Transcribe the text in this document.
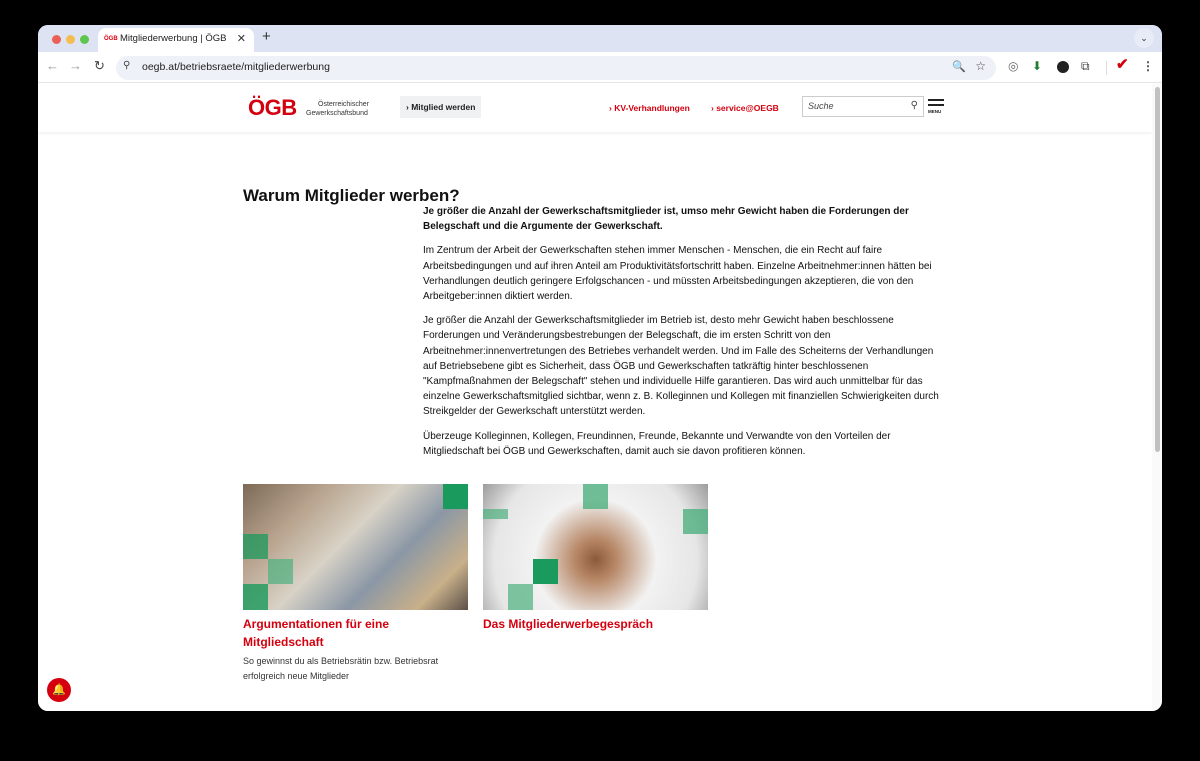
ÖGB Mitgliederwerbung | ÖGB ✕ +	⌄
← → ↻ ⚲ oegb.at/betriebsraete/mitgliederwerbung	🔍 ☆ ◎ ⬇	⧉ ✔ ⋮
ÖGB	Österreichischer
Gewerkschaftsbund
› Mitglied werden	› KV-Verhandlungen › service@OEGB	Suche	⚲
MENU
Warum Mitglieder werben?

Je größer die Anzahl der Gewerkschaftsmitglieder ist, umso mehr Gewicht haben die Forderungen der Belegschaft und die Argumente der Gewerkschaft.

Im Zentrum der Arbeit der Gewerkschaften stehen immer Menschen - Menschen, die ein Recht auf faire Arbeitsbedingungen und auf ihren Anteil am Produktivitätsfortschritt haben. Einzelne Arbeitnehmer:innen hätten bei Verhandlungen deutlich geringere Erfolgschancen - und müssten Arbeitsbedingungen akzeptieren, die von den Arbeitgeber:innen diktiert werden.

Je größer die Anzahl der Gewerkschaftsmitglieder im Betrieb ist, desto mehr Gewicht haben beschlossene Forderungen und Veränderungsbestrebungen der Belegschaft, die im ersten Schritt von den Arbeitnehmer:innenvertretungen des Betriebes verhandelt werden. Und im Falle des Scheiterns der Verhandlungen auf Betriebsebene gibt es Sicherheit, dass ÖGB und Gewerkschaften tatkräftig hinter beschlossenen "Kampfmaßnahmen der Belegschaft" stehen und individuelle Hilfe garantieren. Das wird auch unmittelbar für das einzelne Gewerkschaftsmitglied sichtbar, wenn z. B. Kolleginnen und Kollegen mit finanziellen Schwierigkeiten durch Streikgelder der Gewerkschaft unterstützt werden.

Überzeuge Kolleginnen, Kollegen, Freundinnen, Freunde, Bekannte und Verwandte von den Vorteilen der Mitgliedschaft bei ÖGB und Gewerkschaften, damit auch sie davon profitieren können.

Argumentationen für eine Mitgliedschaft
So gewinnst du als Betriebsrätin bzw. Betriebsrat erfolgreich neue Mitglieder
Das Mitgliederwerbegespräch
🔔
